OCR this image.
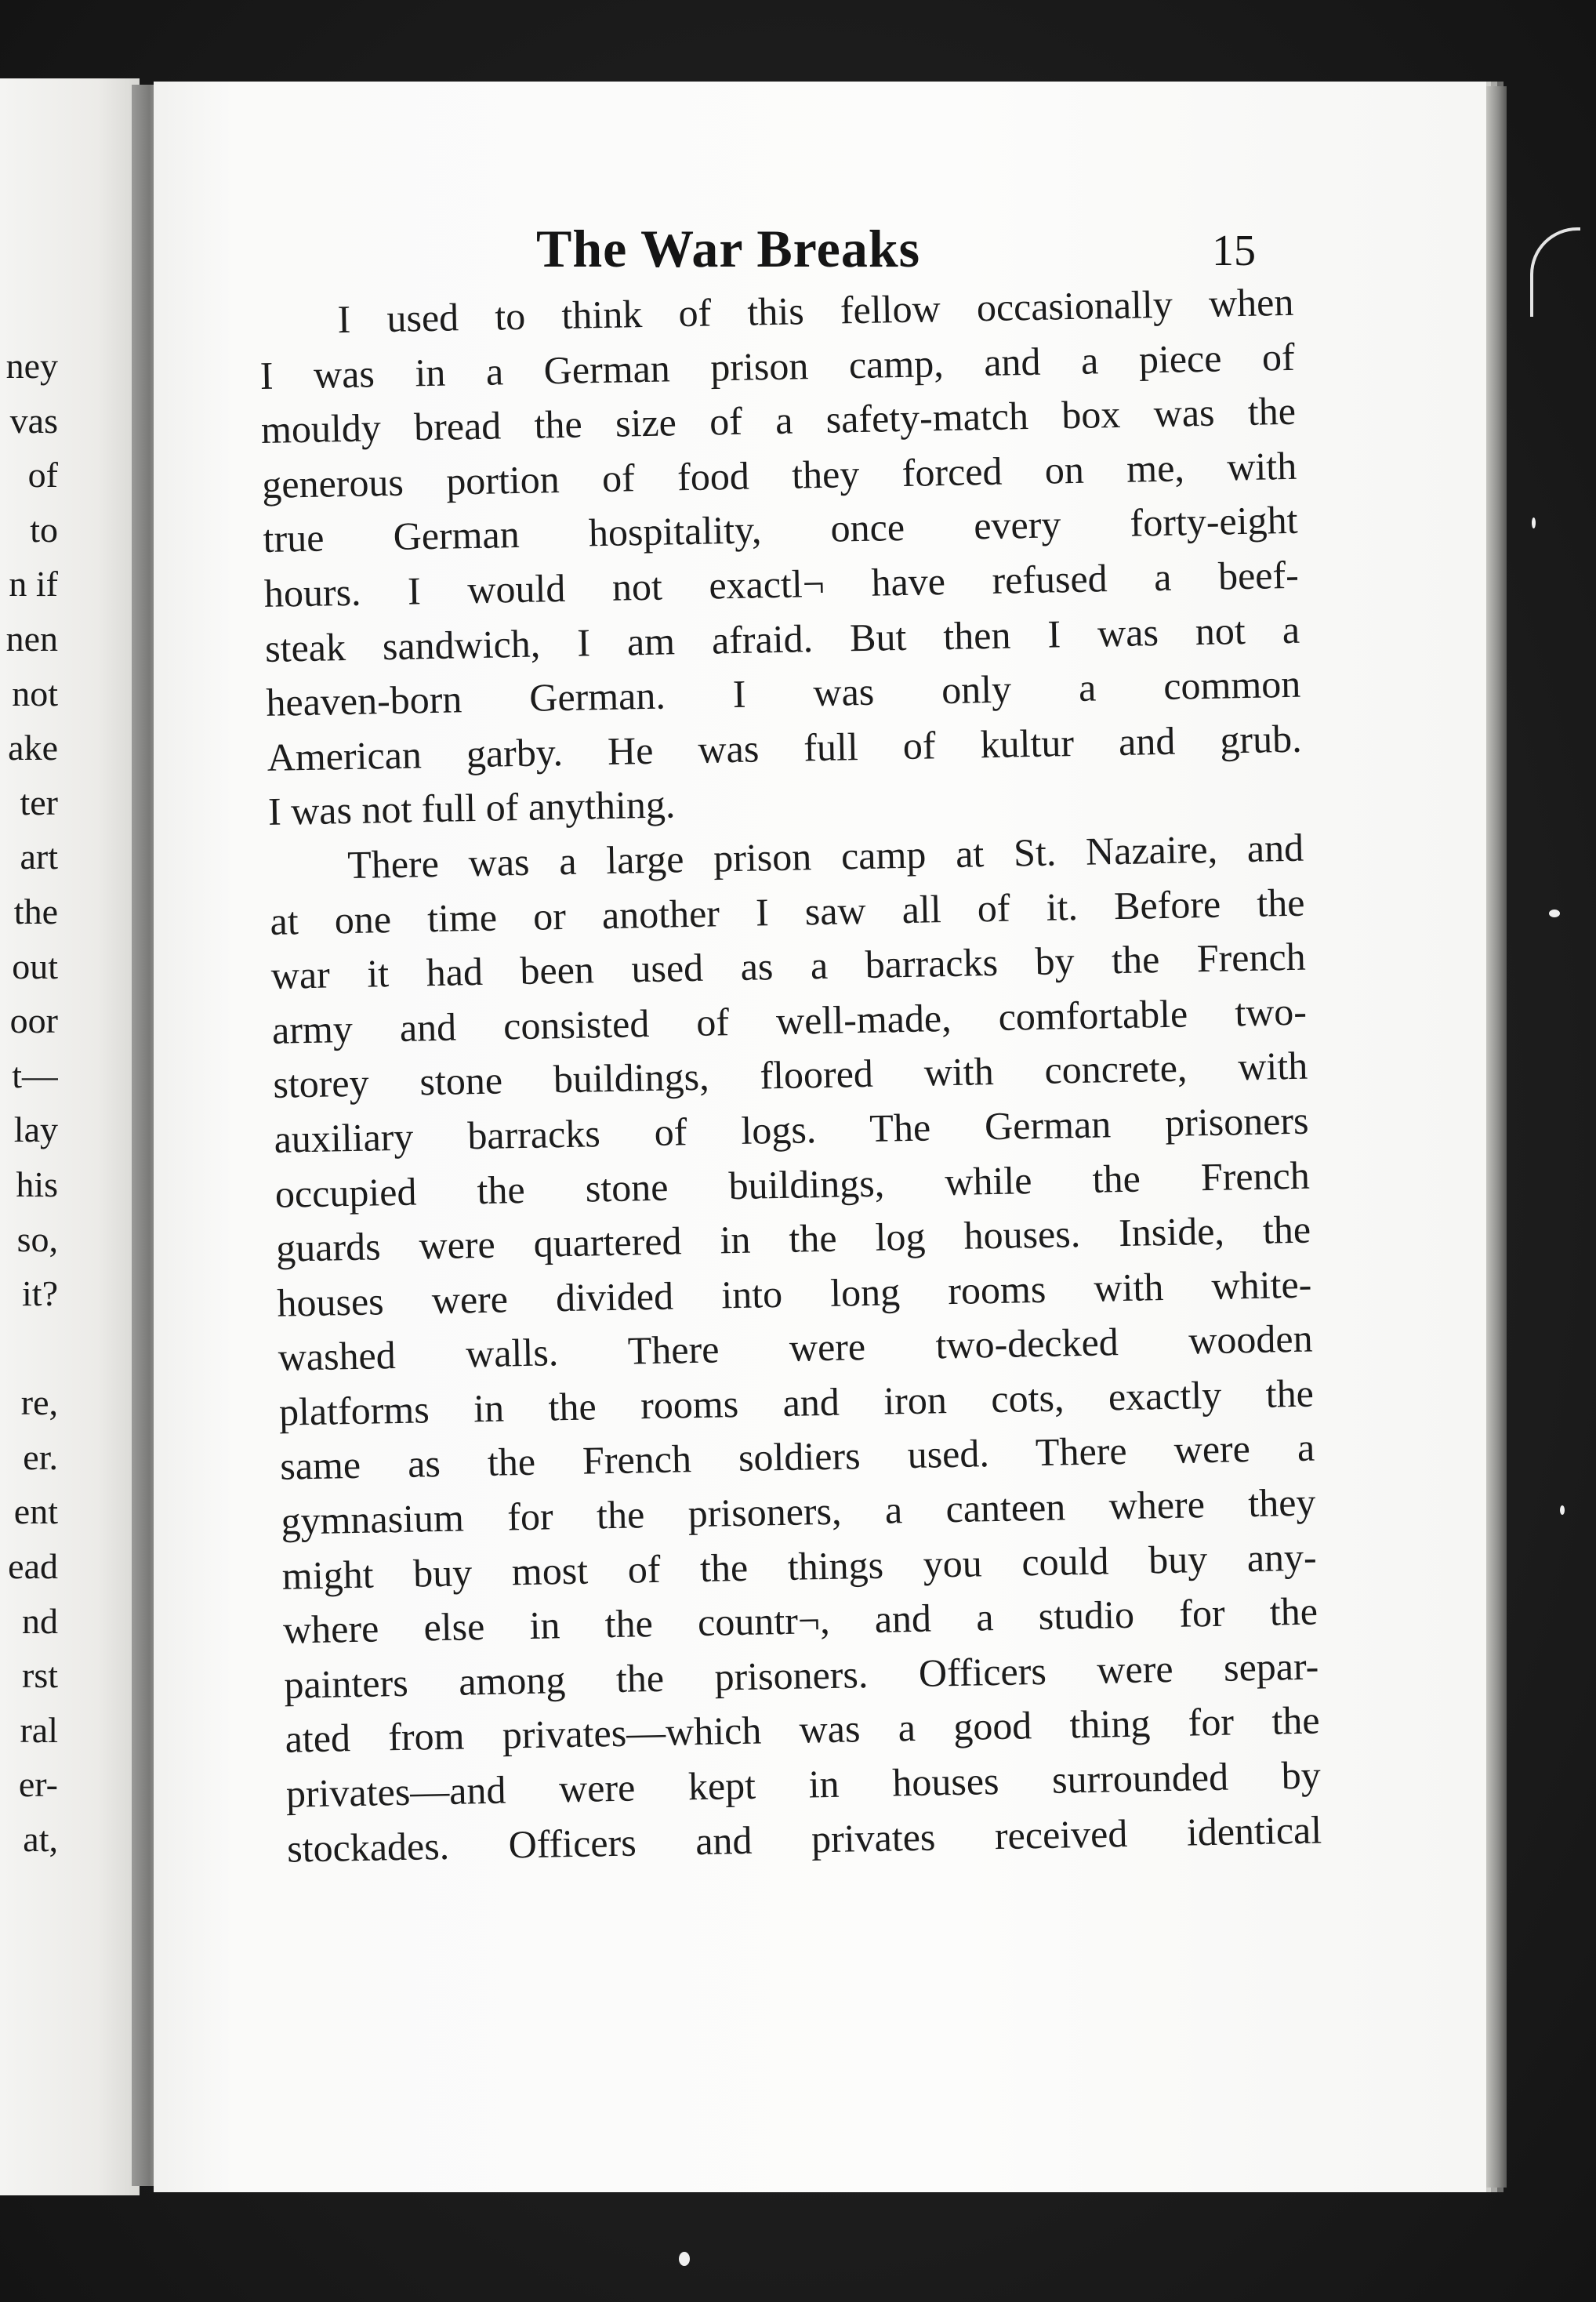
ney
vas
of
to
n if
nen
not
ake
ter
art
the
out
oor
t—
lay
his
so,
it?
re,
er.
ent
ead
nd
rst
ral
er-
at,
The War Breaks	15
I used to think of this fellow occasionally when
I was in a German prison camp, and a piece of
mouldy bread the size of a safety-match box was the
generous portion of food they forced on me, with
true German hospitality, once every forty-eight
hours. I would not exactl¬ have refused a beef-
steak sandwich, I am afraid. But then I was not a
heaven-born German. I was only a common
American garby. He was full of kultur and grub.
I was not full of anything.
There was a large prison camp at St. Nazaire, and
at one time or another I saw all of it. Before the
war it had been used as a barracks by the French
army and consisted of well-made, comfortable two-
storey stone buildings, floored with concrete, with
auxiliary barracks of logs. The German prisoners
occupied the stone buildings, while the French
guards were quartered in the log houses. Inside, the
houses were divided into long rooms with white-
washed walls. There were two-decked wooden
platforms in the rooms and iron cots, exactly the
same as the French soldiers used. There were a
gymnasium for the prisoners, a canteen where they
might buy most of the things you could buy any-
where else in the countr¬, and a studio for the
painters among the prisoners. Officers were separ-
ated from privates—which was a good thing for the
privates—and were kept in houses surrounded by
stockades. Officers and privates received identical
